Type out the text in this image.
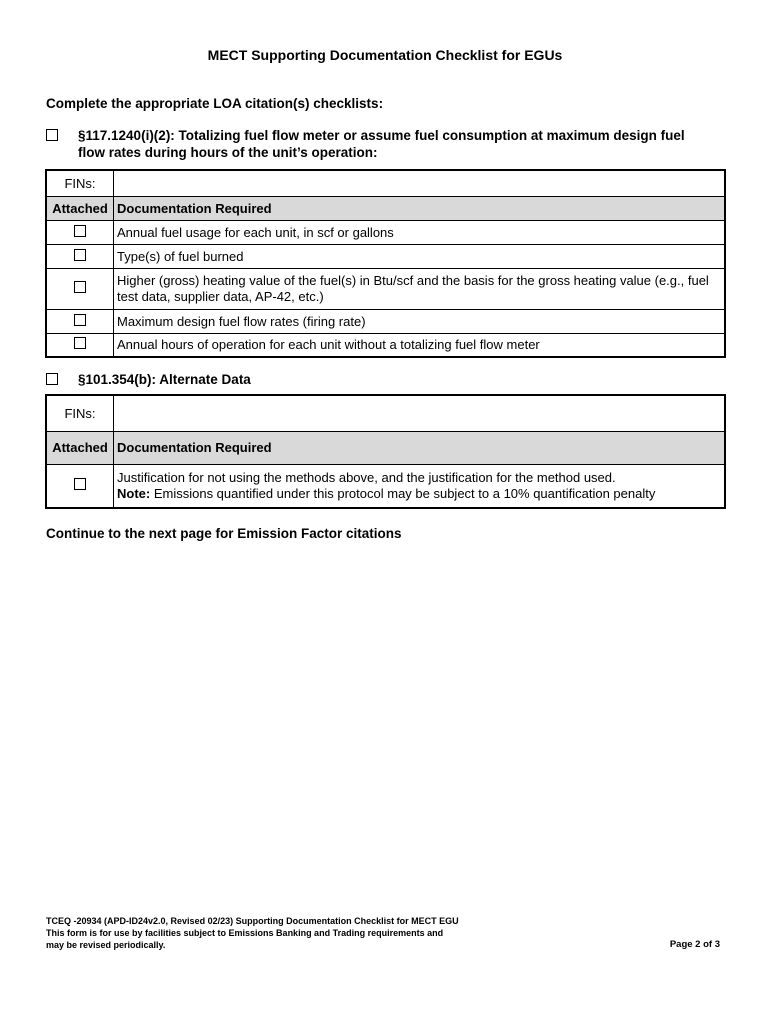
MECT Supporting Documentation Checklist for EGUs
Complete the appropriate LOA citation(s) checklists:
§117.1240(i)(2): Totalizing fuel flow meter or assume fuel consumption at maximum design fuel flow rates during hours of the unit’s operation:
FINs:	
Attached	Documentation Required
	Annual fuel usage for each unit, in scf or gallons
	Type(s) of fuel burned
	Higher (gross) heating value of the fuel(s) in Btu/scf and the basis for the gross heating value (e.g., fuel test data, supplier data, AP-42, etc.)
	Maximum design fuel flow rates (firing rate)
	Annual hours of operation for each unit without a totalizing fuel flow meter
§101.354(b): Alternate Data
FINs:	
Attached	Documentation Required

	Justification for not using the methods above, and the justification for the method used.
Note: Emissions quantified under this protocol may be subject to a 10% quantification penalty
Continue to the next page for Emission Factor citations
TCEQ -20934 (APD-ID24v2.0, Revised 02/23) Supporting Documentation Checklist for MECT EGU
This form is for use by facilities subject to Emissions Banking and Trading requirements and
may be revised periodically.	Page 2 of 3
